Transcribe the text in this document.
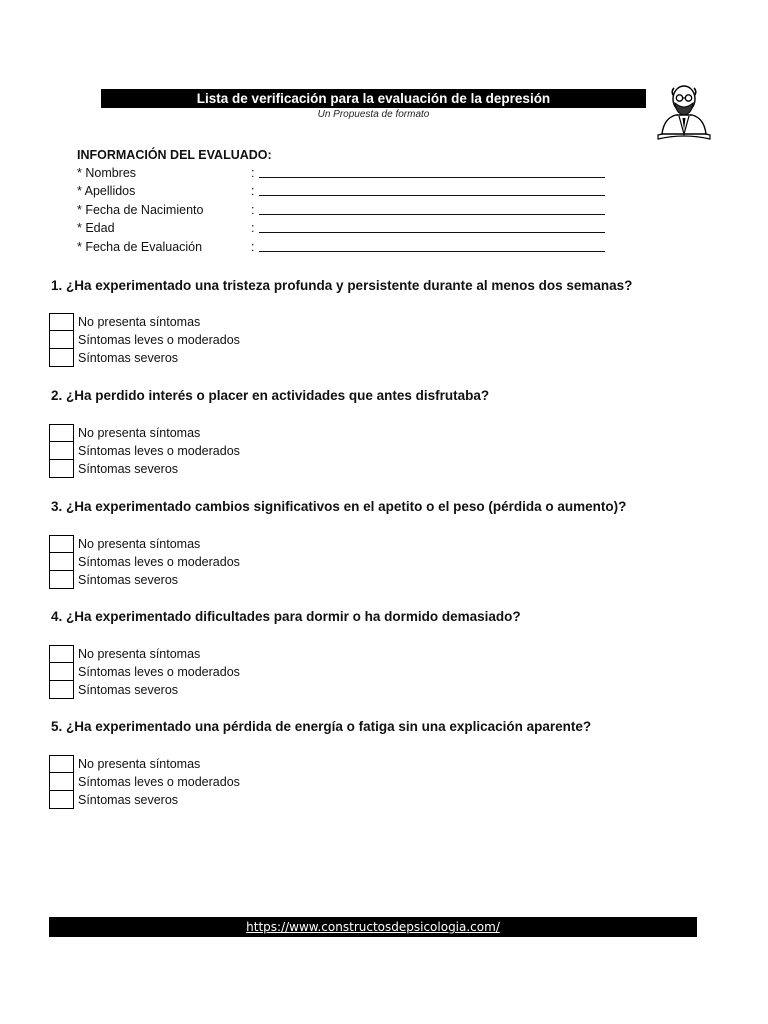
Lista de verificación para la evaluación de la depresión
Un Propuesta de formato
INFORMACIÓN DEL EVALUADO:
* Nombres	:
* Apellidos	:
* Fecha de Nacimiento	:
* Edad	:
* Fecha de Evaluación	:
1. ¿Ha experimentado una tristeza profunda y persistente durante al menos dos semanas?
No presenta síntomas
Síntomas leves o moderados
Síntomas severos
2. ¿Ha perdido interés o placer en actividades que antes disfrutaba?
No presenta síntomas
Síntomas leves o moderados
Síntomas severos
3. ¿Ha experimentado cambios significativos en el apetito o el peso (pérdida o aumento)?
No presenta síntomas
Síntomas leves o moderados
Síntomas severos
4. ¿Ha experimentado dificultades para dormir o ha dormido demasiado?
No presenta síntomas
Síntomas leves o moderados
Síntomas severos
5. ¿Ha experimentado una pérdida de energía o fatiga sin una explicación aparente?
No presenta síntomas
Síntomas leves o moderados
Síntomas severos
https://www.constructosdepsicologia.com/
